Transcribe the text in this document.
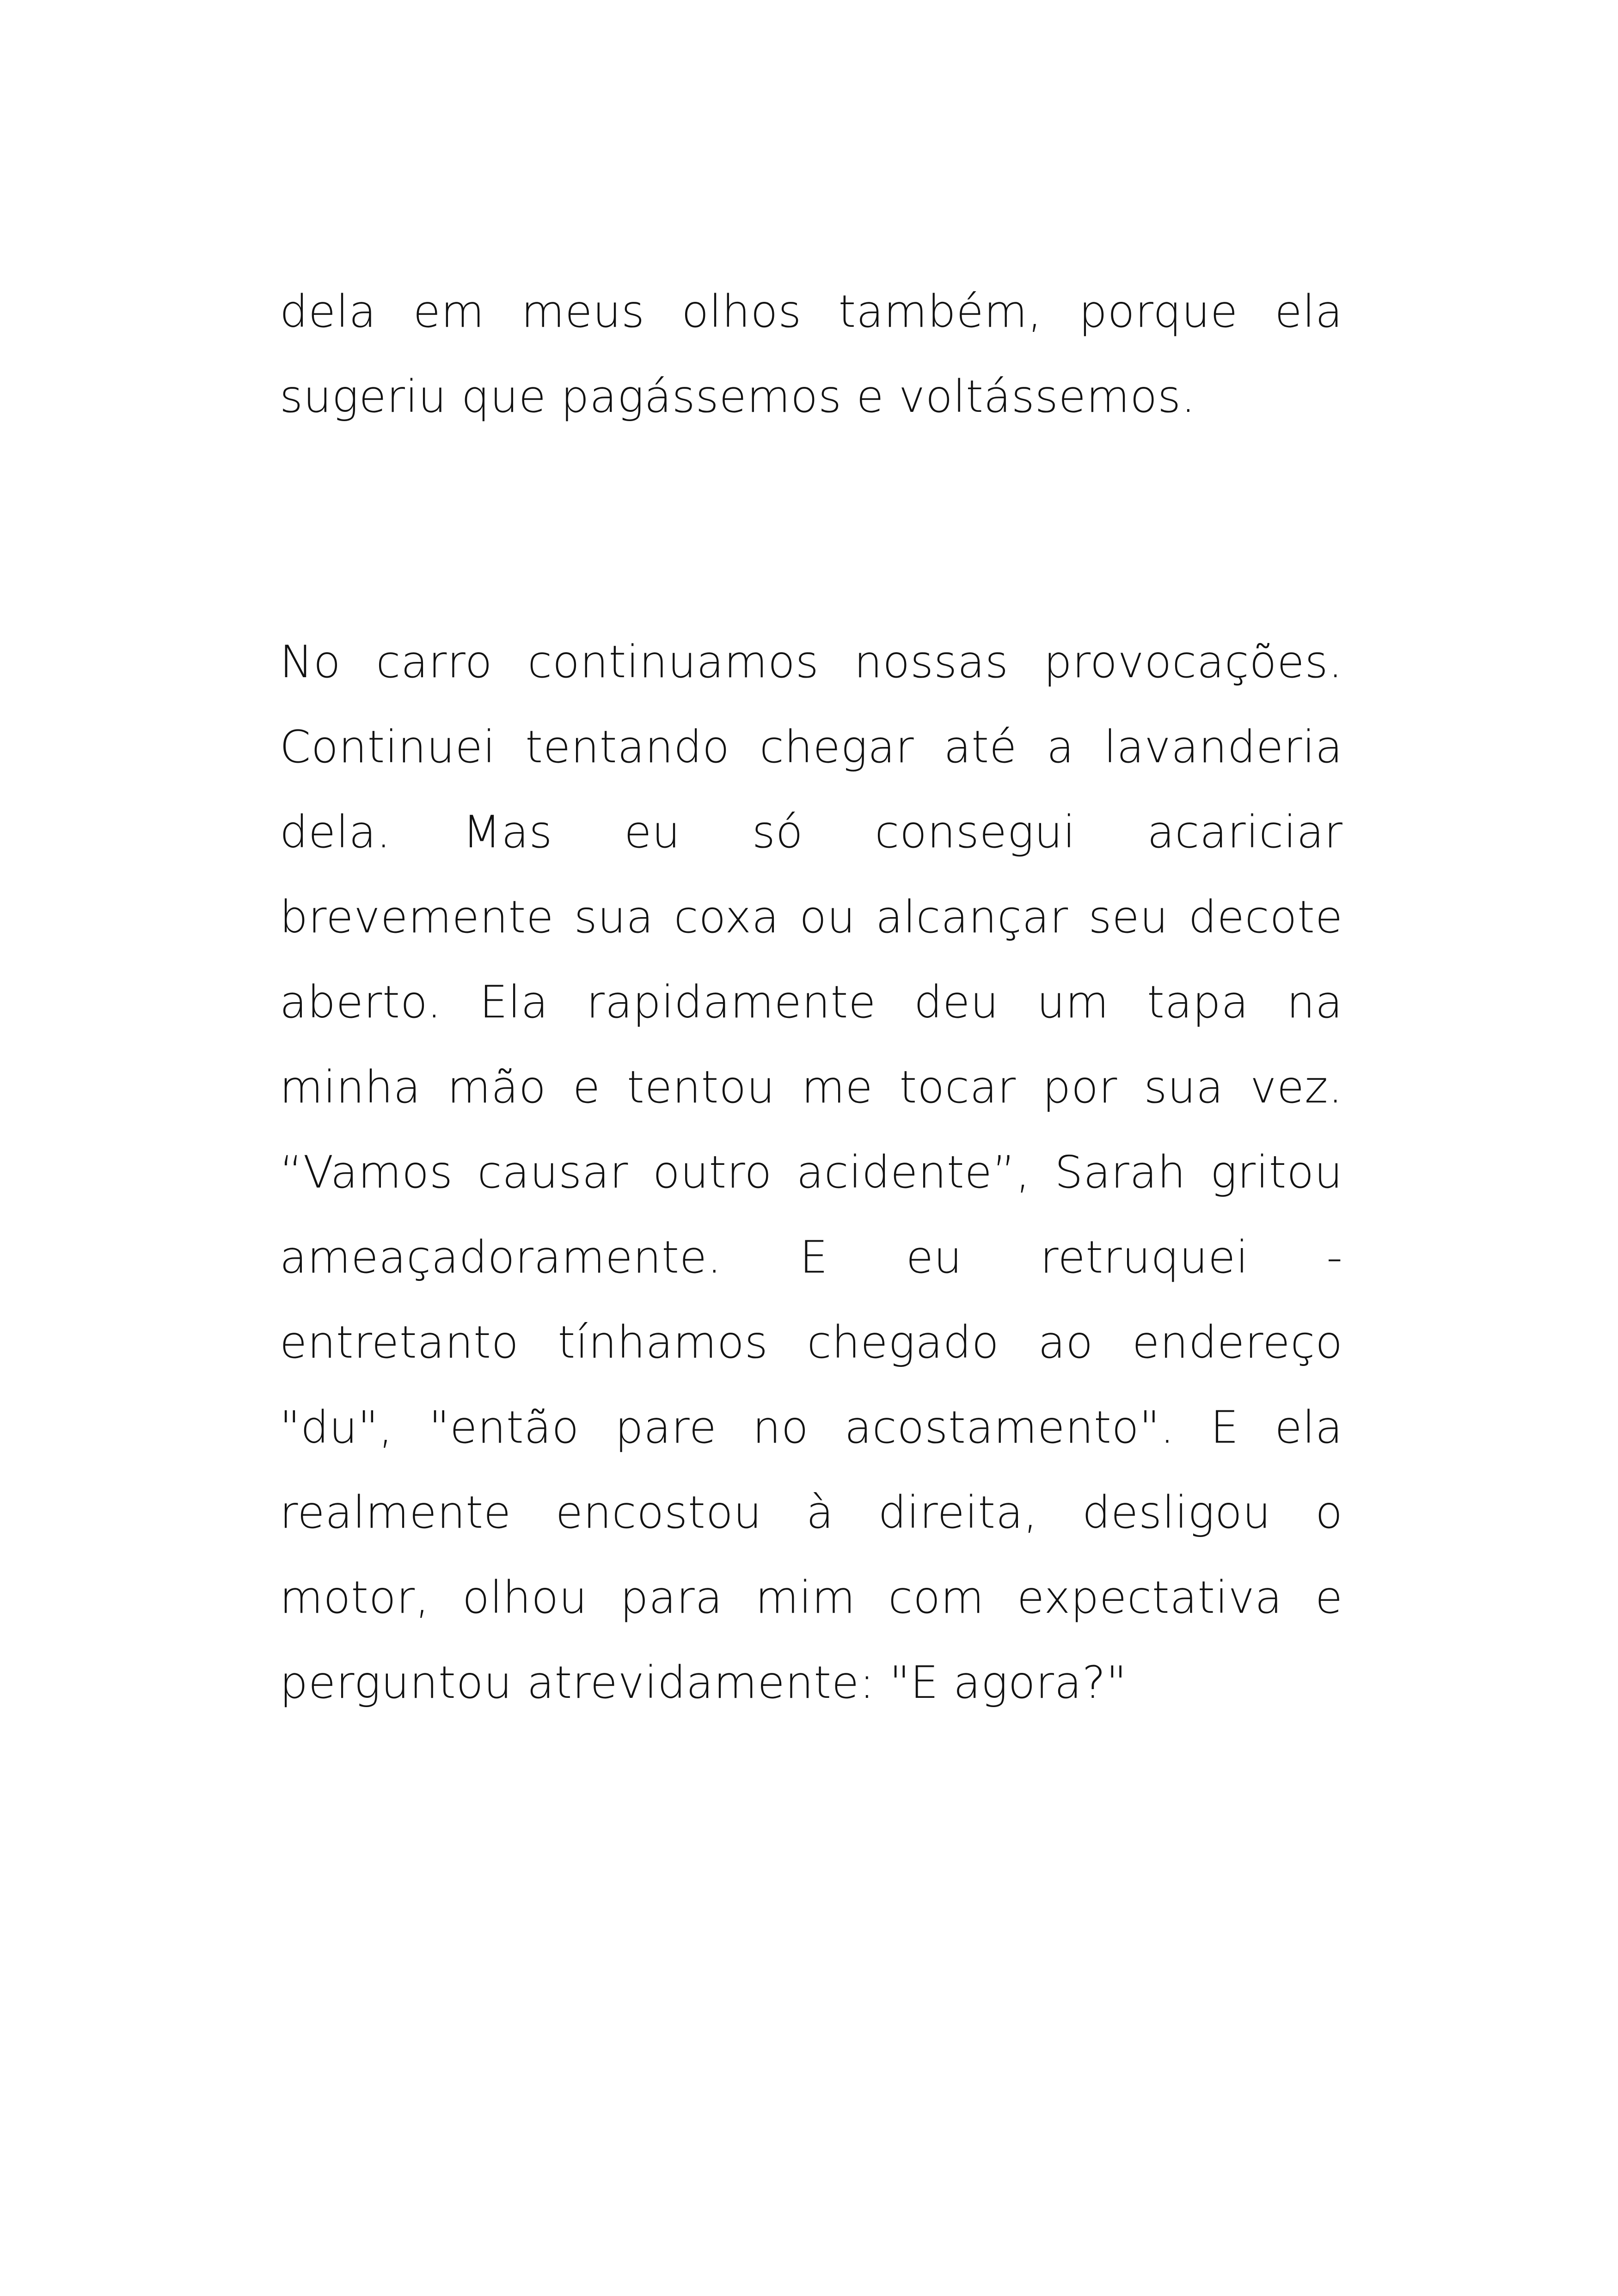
dela em meus olhos também, porque ela
sugeriu que pagássemos e voltássemos.
No carro continuamos nossas provocações.
Continuei tentando chegar até a lavanderia
dela. Mas eu só consegui acariciar
brevemente sua coxa ou alcançar seu decote
aberto. Ela rapidamente deu um tapa na
minha mão e tentou me tocar por sua vez.
“Vamos causar outro acidente”, Sarah gritou
ameaçadoramente. E eu retruquei -
entretanto tínhamos chegado ao endereço
"du", "então pare no acostamento". E ela
realmente encostou à direita, desligou o
motor, olhou para mim com expectativa e
perguntou atrevidamente: "E agora?"
